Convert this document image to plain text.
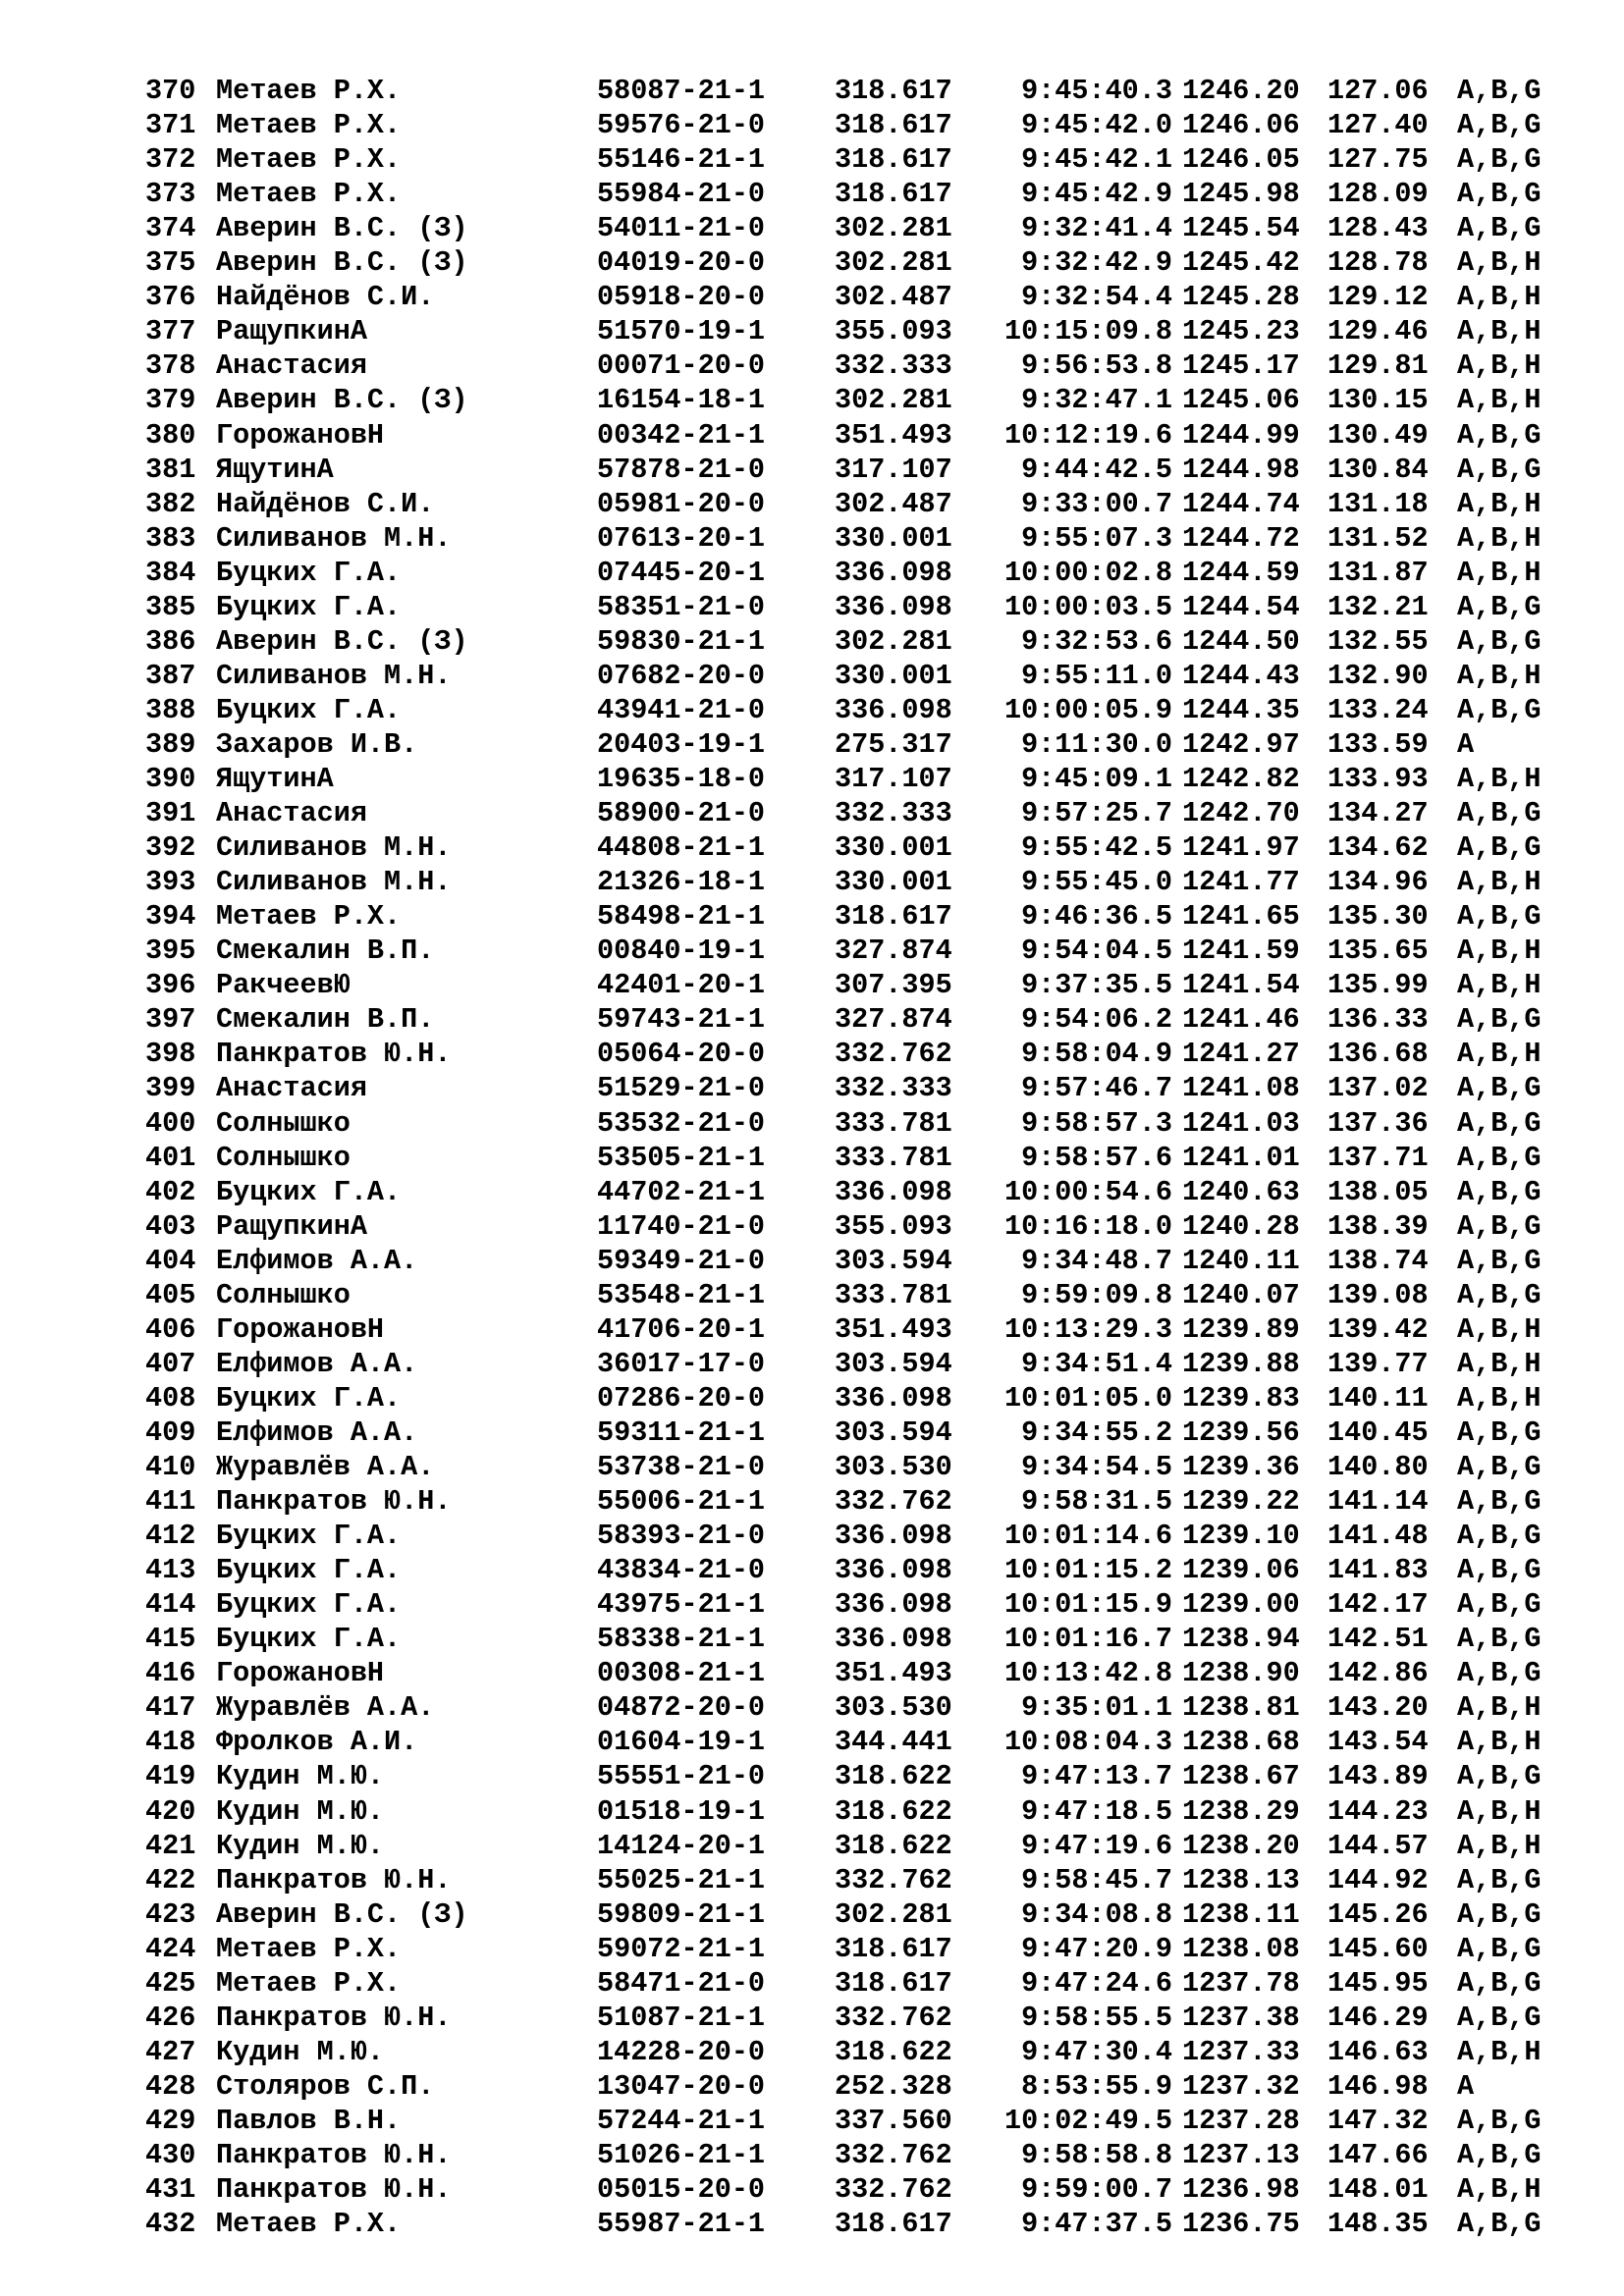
370 Метаев Р.Х.	58087-21-1 318.617	9:45:40.3 1246.20 127.06 A,B,G
371 Метаев Р.Х.	59576-21-0 318.617	9:45:42.0 1246.06 127.40 A,B,G
372 Метаев Р.Х.	55146-21-1 318.617	9:45:42.1 1246.05 127.75 A,B,G
373 Метаев Р.Х.	55984-21-0 318.617	9:45:42.9 1245.98 128.09 A,B,G
374 Аверин В.С. (З)	54011-21-0 302.281	9:32:41.4 1245.54 128.43 A,B,G
375 Аверин В.С. (З)	04019-20-0 302.281	9:32:42.9 1245.42 128.78 A,B,H
376 Найдёнов С.И.	05918-20-0 302.487	9:32:54.4 1245.28 129.12 A,B,H
377 РащупкинА	51570-19-1 355.093	10:15:09.8 1245.23 129.46 A,B,H
378 Анастасия	00071-20-0 332.333	9:56:53.8 1245.17 129.81 A,B,H
379 Аверин В.С. (З)	16154-18-1 302.281	9:32:47.1 1245.06 130.15 A,B,H
380 ГорожановН	00342-21-1 351.493	10:12:19.6 1244.99 130.49 A,B,G
381 ЯщутинА	57878-21-0 317.107	9:44:42.5 1244.98 130.84 A,B,G
382 Найдёнов С.И.	05981-20-0 302.487	9:33:00.7 1244.74 131.18 A,B,H
383 Силиванов М.Н.	07613-20-1 330.001	9:55:07.3 1244.72 131.52 A,B,H
384 Буцких Г.А.	07445-20-1 336.098	10:00:02.8 1244.59 131.87 A,B,H
385 Буцких Г.А.	58351-21-0 336.098	10:00:03.5 1244.54 132.21 A,B,G
386 Аверин В.С. (З)	59830-21-1 302.281	9:32:53.6 1244.50 132.55 A,B,G
387 Силиванов М.Н.	07682-20-0 330.001	9:55:11.0 1244.43 132.90 A,B,H
388 Буцких Г.А.	43941-21-0 336.098	10:00:05.9 1244.35 133.24 A,B,G
389 Захаров И.В.	20403-19-1 275.317	9:11:30.0 1242.97 133.59 A
390 ЯщутинА	19635-18-0 317.107	9:45:09.1 1242.82 133.93 A,B,H
391 Анастасия	58900-21-0 332.333	9:57:25.7 1242.70 134.27 A,B,G
392 Силиванов М.Н.	44808-21-1 330.001	9:55:42.5 1241.97 134.62 A,B,G
393 Силиванов М.Н.	21326-18-1 330.001	9:55:45.0 1241.77 134.96 A,B,H
394 Метаев Р.Х.	58498-21-1 318.617	9:46:36.5 1241.65 135.30 A,B,G
395 Смекалин В.П.	00840-19-1 327.874	9:54:04.5 1241.59 135.65 A,B,H
396 РакчеевЮ	42401-20-1 307.395	9:37:35.5 1241.54 135.99 A,B,H
397 Смекалин В.П.	59743-21-1 327.874	9:54:06.2 1241.46 136.33 A,B,G
398 Панкратов Ю.Н.	05064-20-0 332.762	9:58:04.9 1241.27 136.68 A,B,H
399 Анастасия	51529-21-0 332.333	9:57:46.7 1241.08 137.02 A,B,G
400 Солнышко	53532-21-0 333.781	9:58:57.3 1241.03 137.36 A,B,G
401 Солнышко	53505-21-1 333.781	9:58:57.6 1241.01 137.71 A,B,G
402 Буцких Г.А.	44702-21-1 336.098	10:00:54.6 1240.63 138.05 A,B,G
403 РащупкинА	11740-21-0 355.093	10:16:18.0 1240.28 138.39 A,B,G
404 Елфимов А.А.	59349-21-0 303.594	9:34:48.7 1240.11 138.74 A,B,G
405 Солнышко	53548-21-1 333.781	9:59:09.8 1240.07 139.08 A,B,G
406 ГорожановН	41706-20-1 351.493	10:13:29.3 1239.89 139.42 A,B,H
407 Елфимов А.А.	36017-17-0 303.594	9:34:51.4 1239.88 139.77 A,B,H
408 Буцких Г.А.	07286-20-0 336.098	10:01:05.0 1239.83 140.11 A,B,H
409 Елфимов А.А.	59311-21-1 303.594	9:34:55.2 1239.56 140.45 A,B,G
410 Журавлёв А.А.	53738-21-0 303.530	9:34:54.5 1239.36 140.80 A,B,G
411 Панкратов Ю.Н.	55006-21-1 332.762	9:58:31.5 1239.22 141.14 A,B,G
412 Буцких Г.А.	58393-21-0 336.098	10:01:14.6 1239.10 141.48 A,B,G
413 Буцких Г.А.	43834-21-0 336.098	10:01:15.2 1239.06 141.83 A,B,G
414 Буцких Г.А.	43975-21-1 336.098	10:01:15.9 1239.00 142.17 A,B,G
415 Буцких Г.А.	58338-21-1 336.098	10:01:16.7 1238.94 142.51 A,B,G
416 ГорожановН	00308-21-1 351.493	10:13:42.8 1238.90 142.86 A,B,G
417 Журавлёв А.А.	04872-20-0 303.530	9:35:01.1 1238.81 143.20 A,B,H
418 Фролков А.И.	01604-19-1 344.441	10:08:04.3 1238.68 143.54 A,B,H
419 Кудин М.Ю.	55551-21-0 318.622	9:47:13.7 1238.67 143.89 A,B,G
420 Кудин М.Ю.	01518-19-1 318.622	9:47:18.5 1238.29 144.23 A,B,H
421 Кудин М.Ю.	14124-20-1 318.622	9:47:19.6 1238.20 144.57 A,B,H
422 Панкратов Ю.Н.	55025-21-1 332.762	9:58:45.7 1238.13 144.92 A,B,G
423 Аверин В.С. (З)	59809-21-1 302.281	9:34:08.8 1238.11 145.26 A,B,G
424 Метаев Р.Х.	59072-21-1 318.617	9:47:20.9 1238.08 145.60 A,B,G
425 Метаев Р.Х.	58471-21-0 318.617	9:47:24.6 1237.78 145.95 A,B,G
426 Панкратов Ю.Н.	51087-21-1 332.762	9:58:55.5 1237.38 146.29 A,B,G
427 Кудин М.Ю.	14228-20-0 318.622	9:47:30.4 1237.33 146.63 A,B,H
428 Столяров С.П.	13047-20-0 252.328	8:53:55.9 1237.32 146.98 A
429 Павлов В.Н.	57244-21-1 337.560	10:02:49.5 1237.28 147.32 A,B,G
430 Панкратов Ю.Н.	51026-21-1 332.762	9:58:58.8 1237.13 147.66 A,B,G
431 Панкратов Ю.Н.	05015-20-0 332.762	9:59:00.7 1236.98 148.01 A,B,H
432 Метаев Р.Х.	55987-21-1 318.617	9:47:37.5 1236.75 148.35 A,B,G
